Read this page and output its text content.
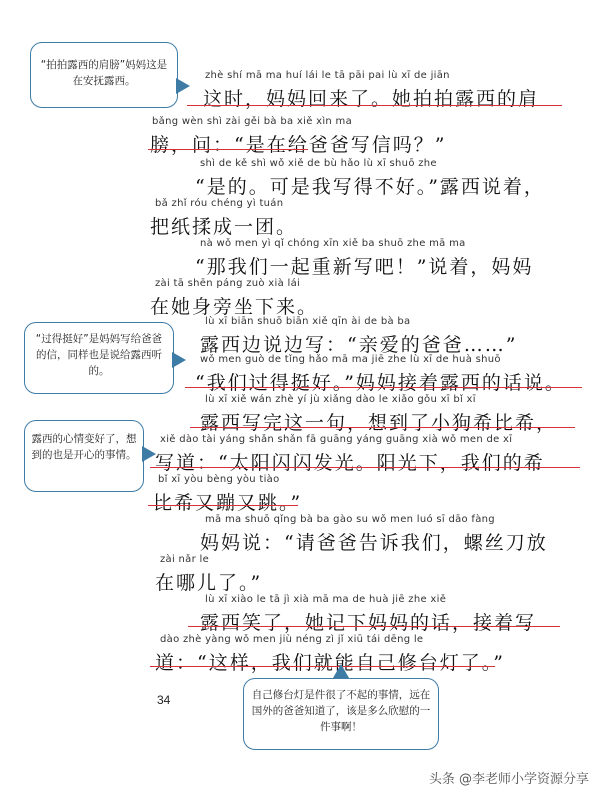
zhè shí mā ma huí lái le tā pāi pai lù xī de jiān
这时，妈妈回来了。她拍拍露西的肩
bǎng wèn shì zài gěi bà ba xiě xìn ma
膀，问：“是在给爸爸写信吗？”
shì de kě shì wǒ xiě de bù hǎo lù xī shuō zhe
“是的。可是我写得不好。”露西说着，
bǎ zhǐ róu chéng yì tuán
把纸揉成一团。
nà wǒ men yì qǐ chóng xīn xiě ba shuō zhe mā ma
“那我们一起重新写吧！”说着，妈妈
zài tā shēn páng zuò xià lái
在她身旁坐下来。
lù xī biān shuō biān xiě qīn ài de bà ba
露西边说边写：“亲爱的爸爸……”
wǒ men guò de tǐng hǎo mā ma jiē zhe lù xī de huà shuō
“我们过得挺好。”妈妈接着露西的话说。
lù xī xiě wán zhè yí jù xiǎng dào le xiǎo gǒu xī bǐ xī
露西写完这一句，想到了小狗希比希，
xiě dào tài yáng shǎn shǎn fā guāng yáng guāng xià wǒ men de xī
写道：“太阳闪闪发光。阳光下，我们的希
bǐ xī yòu bèng yòu tiào
比希又蹦又跳。”
mā ma shuō qǐng bà ba gào su wǒ men luó sī dāo fàng
妈妈说：“请爸爸告诉我们，螺丝刀放
zài nǎr le
在哪儿了。”
lù xī xiào le tā jì xià mā ma de huà jiē zhe xiě
露西笑了，她记下妈妈的话，接着写
dào zhè yàng wǒ men jiù néng zì jǐ xiū tái dēng le
道：“这样，我们就能自己修台灯了。”
“拍拍露西的肩膀”妈妈这是在安抚露西。
“过得挺好”是妈妈写给爸爸的信，同样也是说给露西听的。
露西的心情变好了，想到的也是开心的事情。
自己修台灯是件很了不起的事情，远在国外的爸爸知道了，该是多么欣慰的一件事啊！
34
头条 @李老师小学资源分享
